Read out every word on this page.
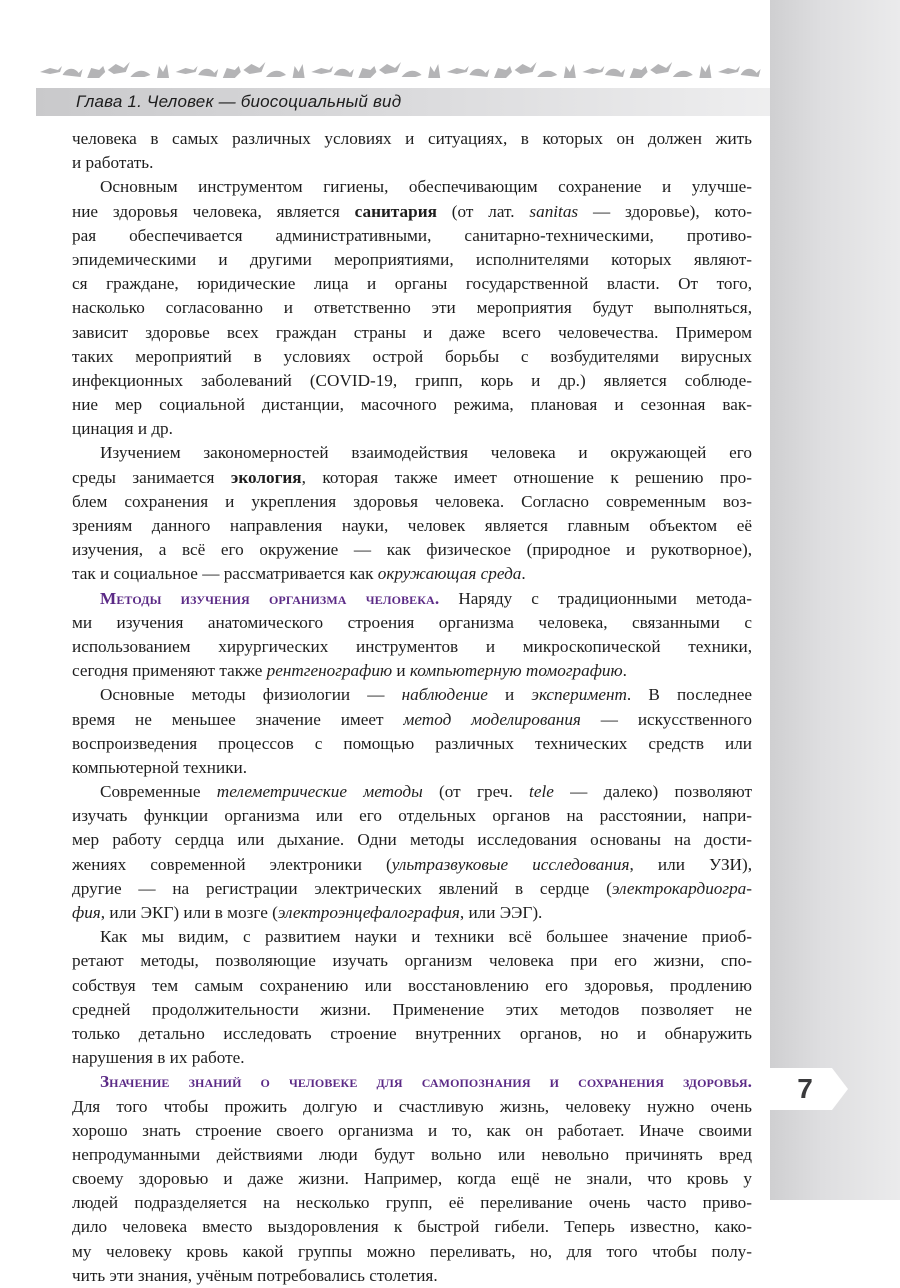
Глава 1. Человек — биосоциальный вид
человека в самых различных условиях и ситуациях, в которых он должен жить
и работать.
Основным инструментом гигиены, обеспечивающим сохранение и улучше-
ние здоровья человека, является санитария (от лат. sanitas — здоровье), кото-
рая обеспечивается административными, санитарно-техническими, противо-
эпидемическими и другими мероприятиями, исполнителями которых являют-
ся граждане, юридические лица и органы государственной власти. От того,
насколько согласованно и ответственно эти мероприятия будут выполняться,
зависит здоровье всех граждан страны и даже всего человечества. Примером
таких мероприятий в условиях острой борьбы с возбудителями вирусных
инфекционных заболеваний (COVID-19, грипп, корь и др.) является соблюде-
ние мер социальной дистанции, масочного режима, плановая и сезонная вак-
цинация и др.
Изучением закономерностей взаимодействия человека и окружающей его
среды занимается экология, которая также имеет отношение к решению про-
блем сохранения и укрепления здоровья человека. Согласно современным воз-
зрениям данного направления науки, человек является главным объектом её
изучения, а всё его окружение — как физическое (природное и рукотворное),
так и социальное — рассматривается как окружающая среда.
Методы изучения организма человека. Наряду с традиционными метода-
ми изучения анатомического строения организма человека, связанными с
использованием хирургических инструментов и микроскопической техники,
сегодня применяют также рентгенографию и компьютерную томографию.
Основные методы физиологии — наблюдение и эксперимент. В последнее
время не меньшее значение имеет метод моделирования — искусственного
воспроизведения процессов с помощью различных технических средств или
компьютерной техники.
Современные телеметрические методы (от греч. tele — далеко) позволяют
изучать функции организма или его отдельных органов на расстоянии, напри-
мер работу сердца или дыхание. Одни методы исследования основаны на дости-
жениях современной электроники (ультразвуковые исследования, или УЗИ),
другие — на регистрации электрических явлений в сердце (электрокардиогра-
фия, или ЭКГ) или в мозге (электроэнцефалография, или ЭЭГ).
Как мы видим, с развитием науки и техники всё большее значение приоб-
ретают методы, позволяющие изучать организм человека при его жизни, спо-
собствуя тем самым сохранению или восстановлению его здоровья, продлению
средней продолжительности жизни. Применение этих методов позволяет не
только детально исследовать строение внутренних органов, но и обнаружить
нарушения в их работе.
Значение знаний о человеке для самопознания и сохранения здоровья.
Для того чтобы прожить долгую и счастливую жизнь, человеку нужно очень
хорошо знать строение своего организма и то, как он работает. Иначе своими
непродуманными действиями люди будут вольно или невольно причинять вред
своему здоровью и даже жизни. Например, когда ещё не знали, что кровь у
людей подразделяется на несколько групп, её переливание очень часто приво-
дило человека вместо выздоровления к быстрой гибели. Теперь известно, како-
му человеку кровь какой группы можно переливать, но, для того чтобы полу-
чить эти знания, учёным потребовались столетия.
7
